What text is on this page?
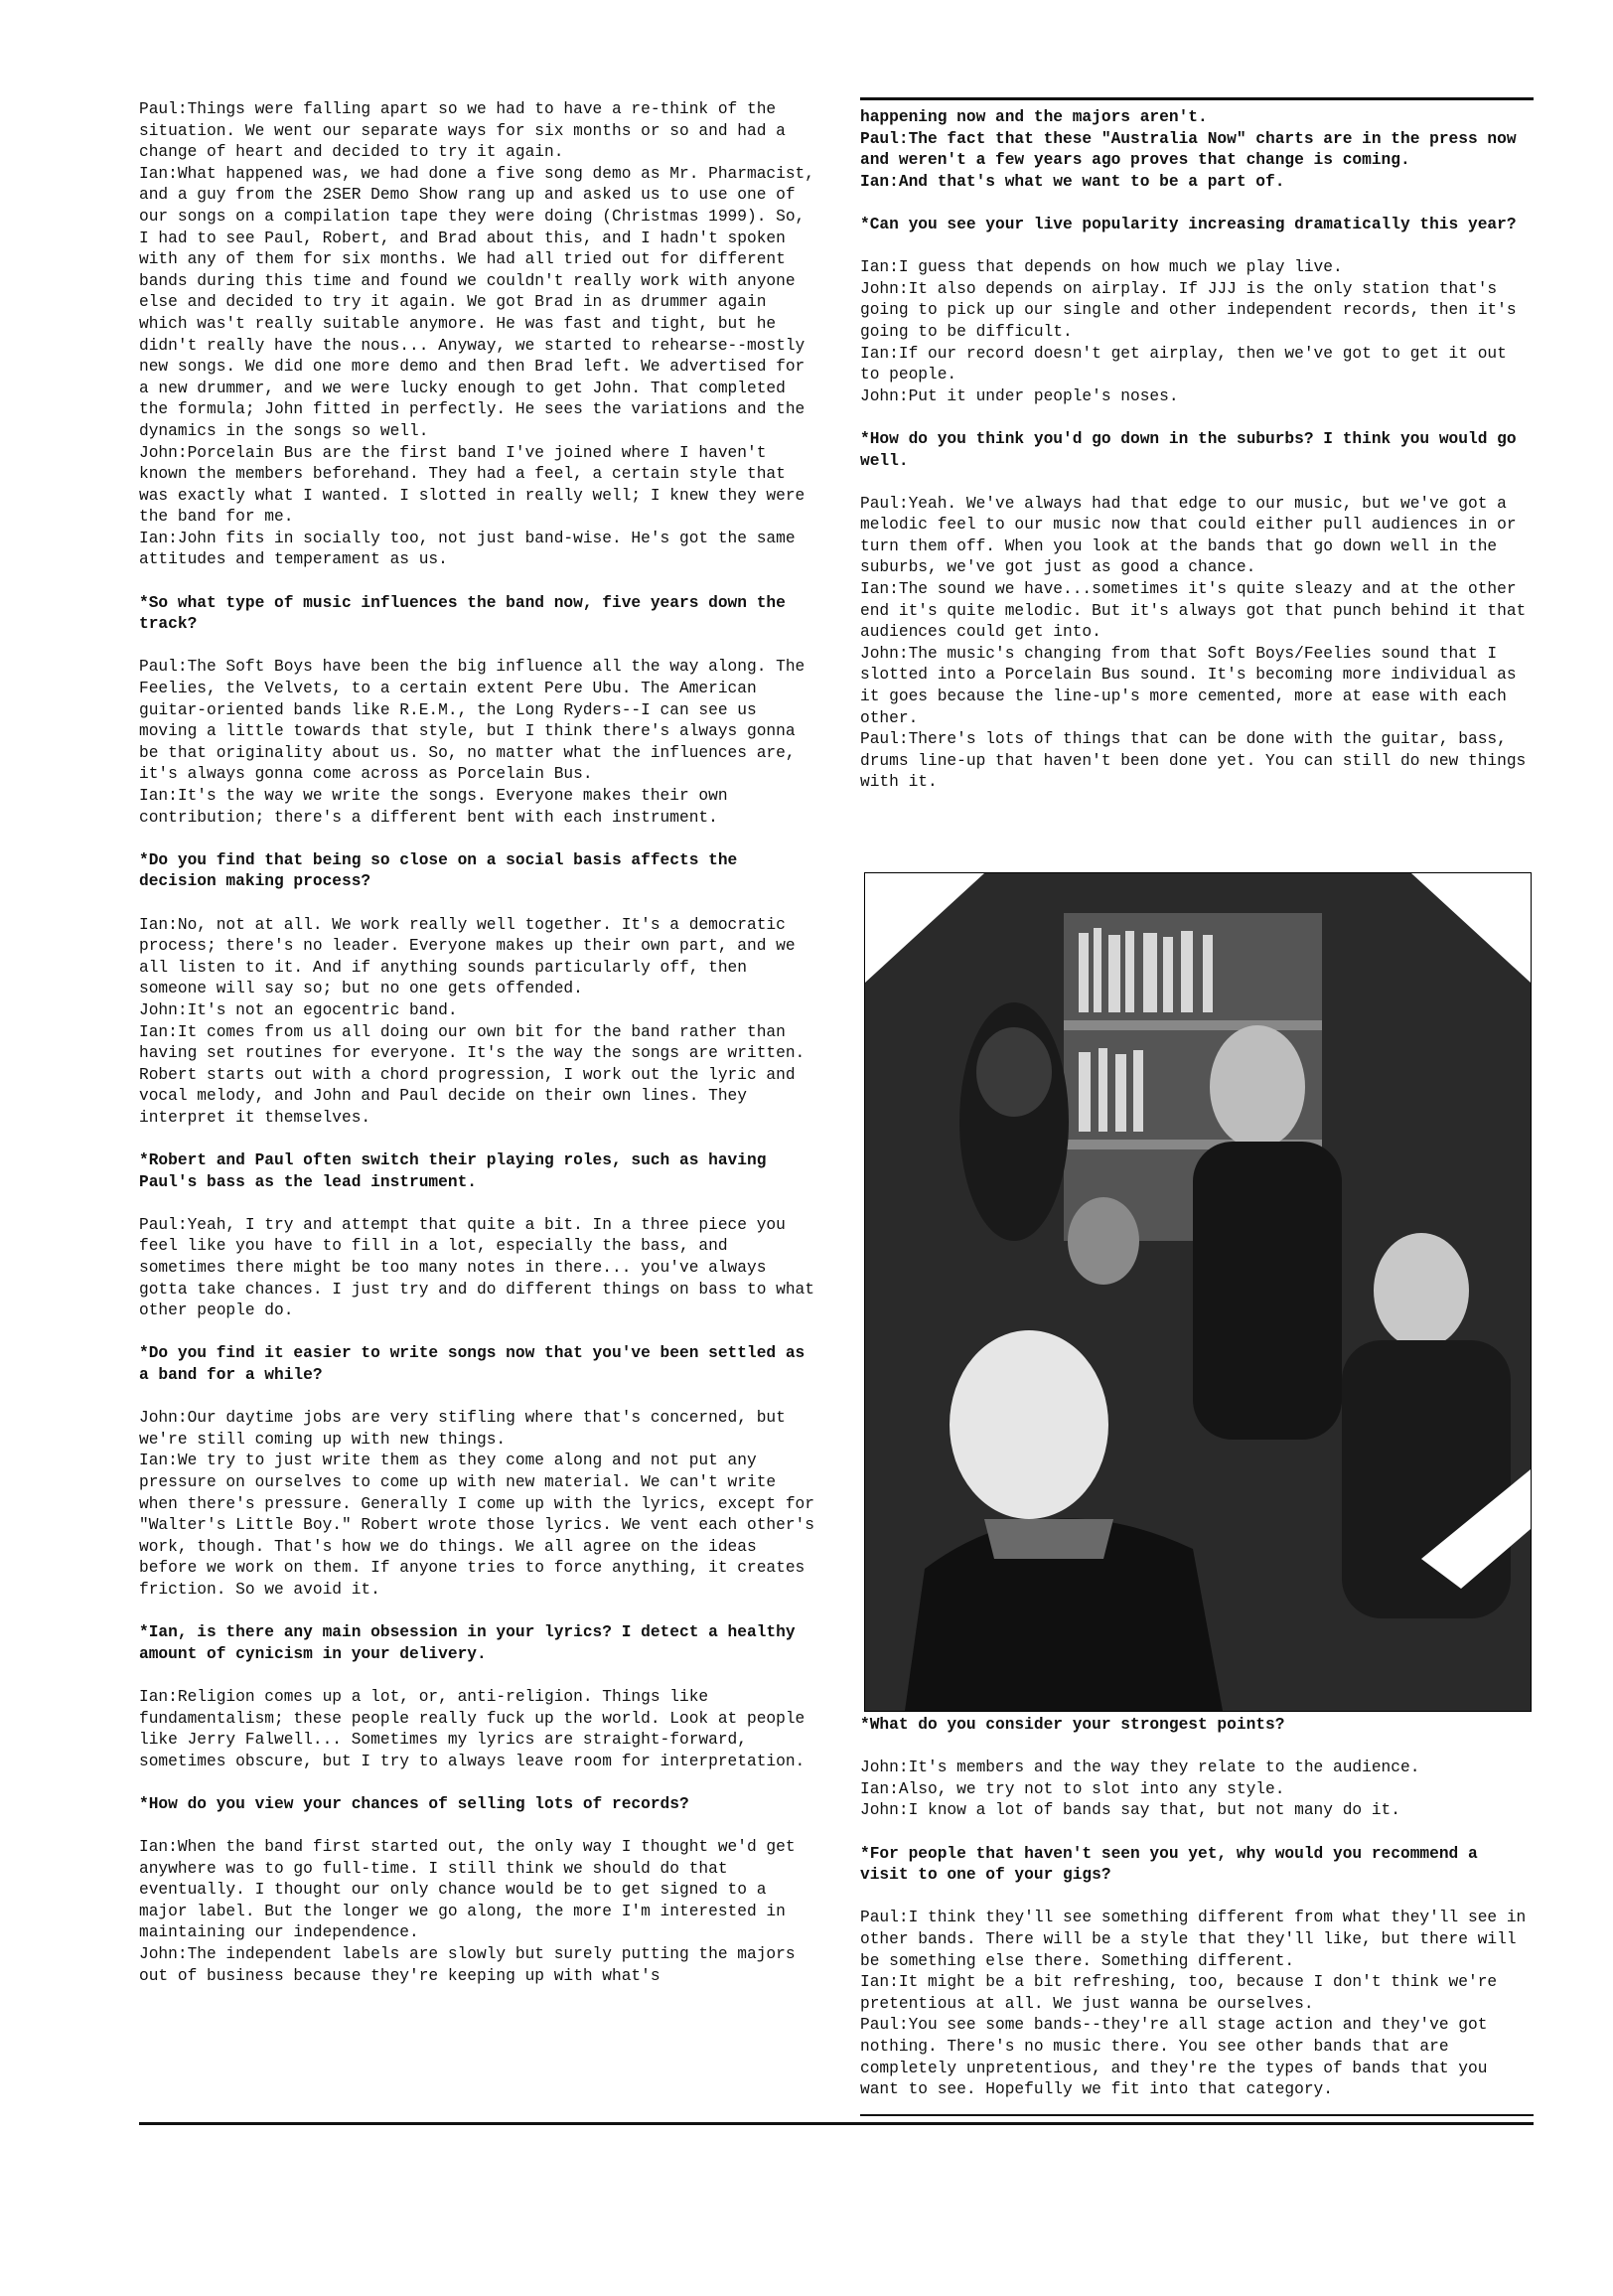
Paul:Things were falling apart so we had to have a re-think of the situation. We went our separate ways for six months or so and had a change of heart and decided to try it again.

Ian:What happened was, we had done a five song demo as Mr. Pharmacist, and a guy from the 2SER Demo Show rang up and asked us to use one of our songs on a compilation tape they were doing (Christmas 1999). So, I had to see Paul, Robert, and Brad about this, and I hadn't spoken with any of them for six months. We had all tried out for different bands during this time and found we couldn't really work with anyone else and decided to try it again. We got Brad in as drummer again which was't really suitable anymore. He was fast and tight, but he didn't really have the nous... Anyway, we started to rehearse--mostly new songs. We did one more demo and then Brad left. We advertised for a new drummer, and we were lucky enough to get John. That completed the formula; John fitted in perfectly. He sees the variations and the dynamics in the songs so well.

John:Porcelain Bus are the first band I've joined where I haven't known the members beforehand. They had a feel, a certain style that was exactly what I wanted. I slotted in really well; I knew they were the band for me.

Ian:John fits in socially too, not just band-wise. He's got the same attitudes and temperament as us.

*So what type of music influences the band now, five years down the track?

Paul:The Soft Boys have been the big influence all the way along. The Feelies, the Velvets, to a certain extent Pere Ubu. The American guitar-oriented bands like R.E.M., the Long Ryders--I can see us moving a little towards that style, but I think there's always gonna be that originality about us. So, no matter what the influences are, it's always gonna come across as Porcelain Bus.

Ian:It's the way we write the songs. Everyone makes their own contribution; there's a different bent with each instrument.

*Do you find that being so close on a social basis affects the decision making process?

Ian:No, not at all. We work really well together. It's a democratic process; there's no leader. Everyone makes up their own part, and we all listen to it. And if anything sounds particularly off, then someone will say so; but no one gets offended.

John:It's not an egocentric band.

Ian:It comes from us all doing our own bit for the band rather than having set routines for everyone. It's the way the songs are written. Robert starts out with a chord progression, I work out the lyric and vocal melody, and John and Paul decide on their own lines. They interpret it themselves.

*Robert and Paul often switch their playing roles, such as having Paul's bass as the lead instrument.

Paul:Yeah, I try and attempt that quite a bit. In a three piece you feel like you have to fill in a lot, especially the bass, and sometimes there might be too many notes in there... you've always gotta take chances. I just try and do different things on bass to what other people do.

*Do you find it easier to write songs now that you've been settled as a band for a while?

John:Our daytime jobs are very stifling where that's concerned, but we're still coming up with new things.

Ian:We try to just write them as they come along and not put any pressure on ourselves to come up with new material. We can't write when there's pressure. Generally I come up with the lyrics, except for "Walter's Little Boy." Robert wrote those lyrics. We vent each other's work, though. That's how we do things. We all agree on the ideas before we work on them. If anyone tries to force anything, it creates friction. So we avoid it.

*Ian, is there any main obsession in your lyrics? I detect a healthy amount of cynicism in your delivery.

Ian:Religion comes up a lot, or, anti-religion. Things like fundamentalism; these people really fuck up the world. Look at people like Jerry Falwell... Sometimes my lyrics are straight-forward, sometimes obscure, but I try to always leave room for interpretation.

*How do you view your chances of selling lots of records?

Ian:When the band first started out, the only way I thought we'd get anywhere was to go full-time. I still think we should do that eventually. I thought our only chance would be to get signed to a major label. But the longer we go along, the more I'm interested in maintaining our independence.

John:The independent labels are slowly but surely putting the majors out of business because they're keeping up with what's

happening now and the majors aren't.

Paul:The fact that these "Australia Now" charts are in the press now and weren't a few years ago proves that change is coming.

Ian:And that's what we want to be a part of.

*Can you see your live popularity increasing dramatically this year?

Ian:I guess that depends on how much we play live.

John:It also depends on airplay. If JJJ is the only station that's going to pick up our single and other independent records, then it's going to be difficult.

Ian:If our record doesn't get airplay, then we've got to get it out to people.

John:Put it under people's noses.

*How do you think you'd go down in the suburbs? I think you would go well.

Paul:Yeah. We've always had that edge to our music, but we've got a melodic feel to our music now that could either pull audiences in or turn them off. When you look at the bands that go down well in the suburbs, we've got just as good a chance.

Ian:The sound we have...sometimes it's quite sleazy and at the other end it's quite melodic. But it's always got that punch behind it that audiences could get into.

John:The music's changing from that Soft Boys/Feelies sound that I slotted into a Porcelain Bus sound. It's becoming more individual as it goes because the line-up's more cemented, more at ease with each other.

Paul:There's lots of things that can be done with the guitar, bass, drums line-up that haven't been done yet. You can still do new things with it.

*What do you consider your strongest points?

John:It's members and the way they relate to the audience.

Ian:Also, we try not to slot into any style.

John:I know a lot of bands say that, but not many do it.

*For people that haven't seen you yet, why would you recommend a visit to one of your gigs?

Paul:I think they'll see something different from what they'll see in other bands. There will be a style that they'll like, but there will be something else there. Something different.

Ian:It might be a bit refreshing, too, because I don't think we're pretentious at all. We just wanna be ourselves.

Paul:You see some bands--they're all stage action and they've got nothing. There's no music there. You see other bands that are completely unpretentious, and they're the types of bands that you want to see. Hopefully we fit into that category.
